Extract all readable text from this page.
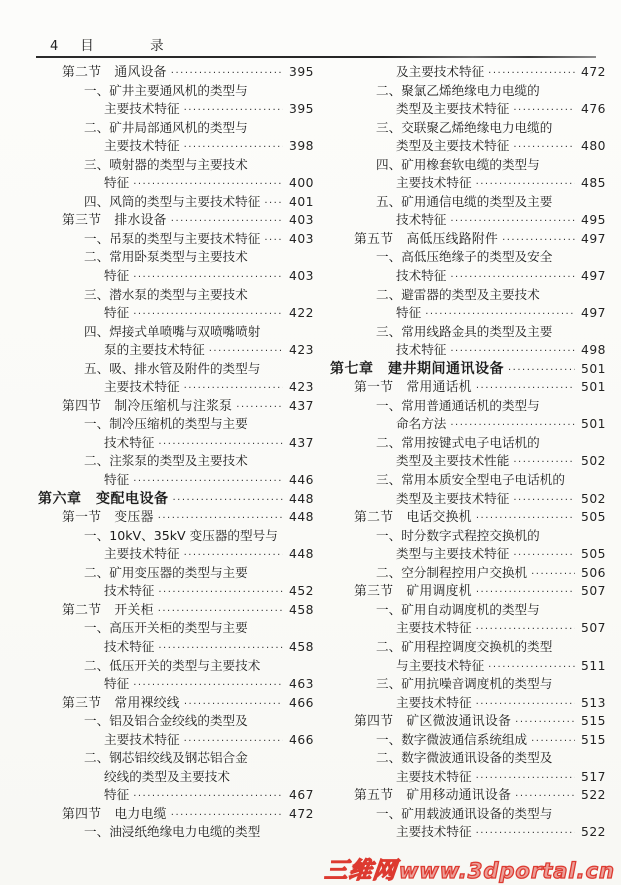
4 目 录
第二节　通风设备 ·····	395
一、矿井主要通风机的类型与
主要技术特征 ·····	395
二、矿井局部通风机的类型与
主要技术特征 ·····	398
三、喷射器的类型与主要技术
特征 ·····	400
四、风筒的类型与主要技术特征 ····· 401
第三节　排水设备 ·····	403
一、吊泵的类型与主要技术特征 ····· 403
二、常用卧泵类型与主要技术
特征 ·····	403
三、潜水泵的类型与主要技术
特征 ·····	422
四、焊接式单喷嘴与双喷嘴喷射
泵的主要技术特征 ·····	423
五、吸、排水管及附件的类型与
主要技术特征 ·····	423
第四节　制冷压缩机与注浆泵 ·····	437
一、制冷压缩机的类型与主要
技术特征 ·····	437
二、注浆泵的类型及主要技术
特征 ·····	446
第六章　变配电设备 ·····	448
第一节　变压器 ·····	448
一、10kV、35kV 变压器的型号与
主要技术特征 ·····	448
二、矿用变压器的类型与主要
技术特征 ·····	452
第二节　开关柜 ·····	458
一、高压开关柜的类型与主要
技术特征 ·····	458
二、低压开关的类型与主要技术
特征 ·····	463
第三节　常用裸绞线 ·····	466
一、铝及铝合金绞线的类型及
主要技术特征 ·····	466
二、钢芯铝绞线及钢芯铝合金
绞线的类型及主要技术
特征 ·····	467
第四节　电力电缆 ·····	472
一、油浸纸绝缘电力电缆的类型
及主要技术特征 ·····	472
二、聚氯乙烯绝缘电力电缆的
类型及主要技术特征 ·····	476
三、交联聚乙烯绝缘电力电缆的
类型及主要技术特征 ·····	480
四、矿用橡套软电缆的类型与
主要技术特征 ·····	485
五、矿用通信电缆的类型及主要
技术特征 ·····	495
第五节　高低压线路附件 ·····	497
一、高低压绝缘子的类型及安全
技术特征 ·····	497
二、避雷器的类型及主要技术
特征 ·····	497
三、常用线路金具的类型及主要
技术特征 ·····	498
第七章　建井期间通讯设备 ·····	501
第一节　常用通话机 ·····	501
一、常用普通通话机的类型与
命名方法 ·····	501
二、常用按键式电子电话机的
类型及主要技术性能 ·····	502
三、常用本质安全型电子电话机的
类型及主要技术特征 ·····	502
第二节　电话交换机 ·····	505
一、时分数字式程控交换机的
类型与主要技术特征 ·····	505
二、空分制程控用户交换机 ·····	506
第三节　矿用调度机 ·····	507
一、矿用自动调度机的类型与
主要技术特征 ·····	507
二、矿用程控调度交换机的类型
与主要技术特征 ·····	511
三、矿用抗噪音调度机的类型与
主要技术特征 ·····	513
第四节　矿区微波通讯设备 ·····	515
一、数字微波通信系统组成 ·····	515
二、数字微波通讯设备的类型及
主要技术特征 ·····	517
第五节　矿用移动通讯设备 ·····	522
一、矿用载波通讯设备的类型与
主要技术特征 ·····	522
三维网 www.3dportal.cn
